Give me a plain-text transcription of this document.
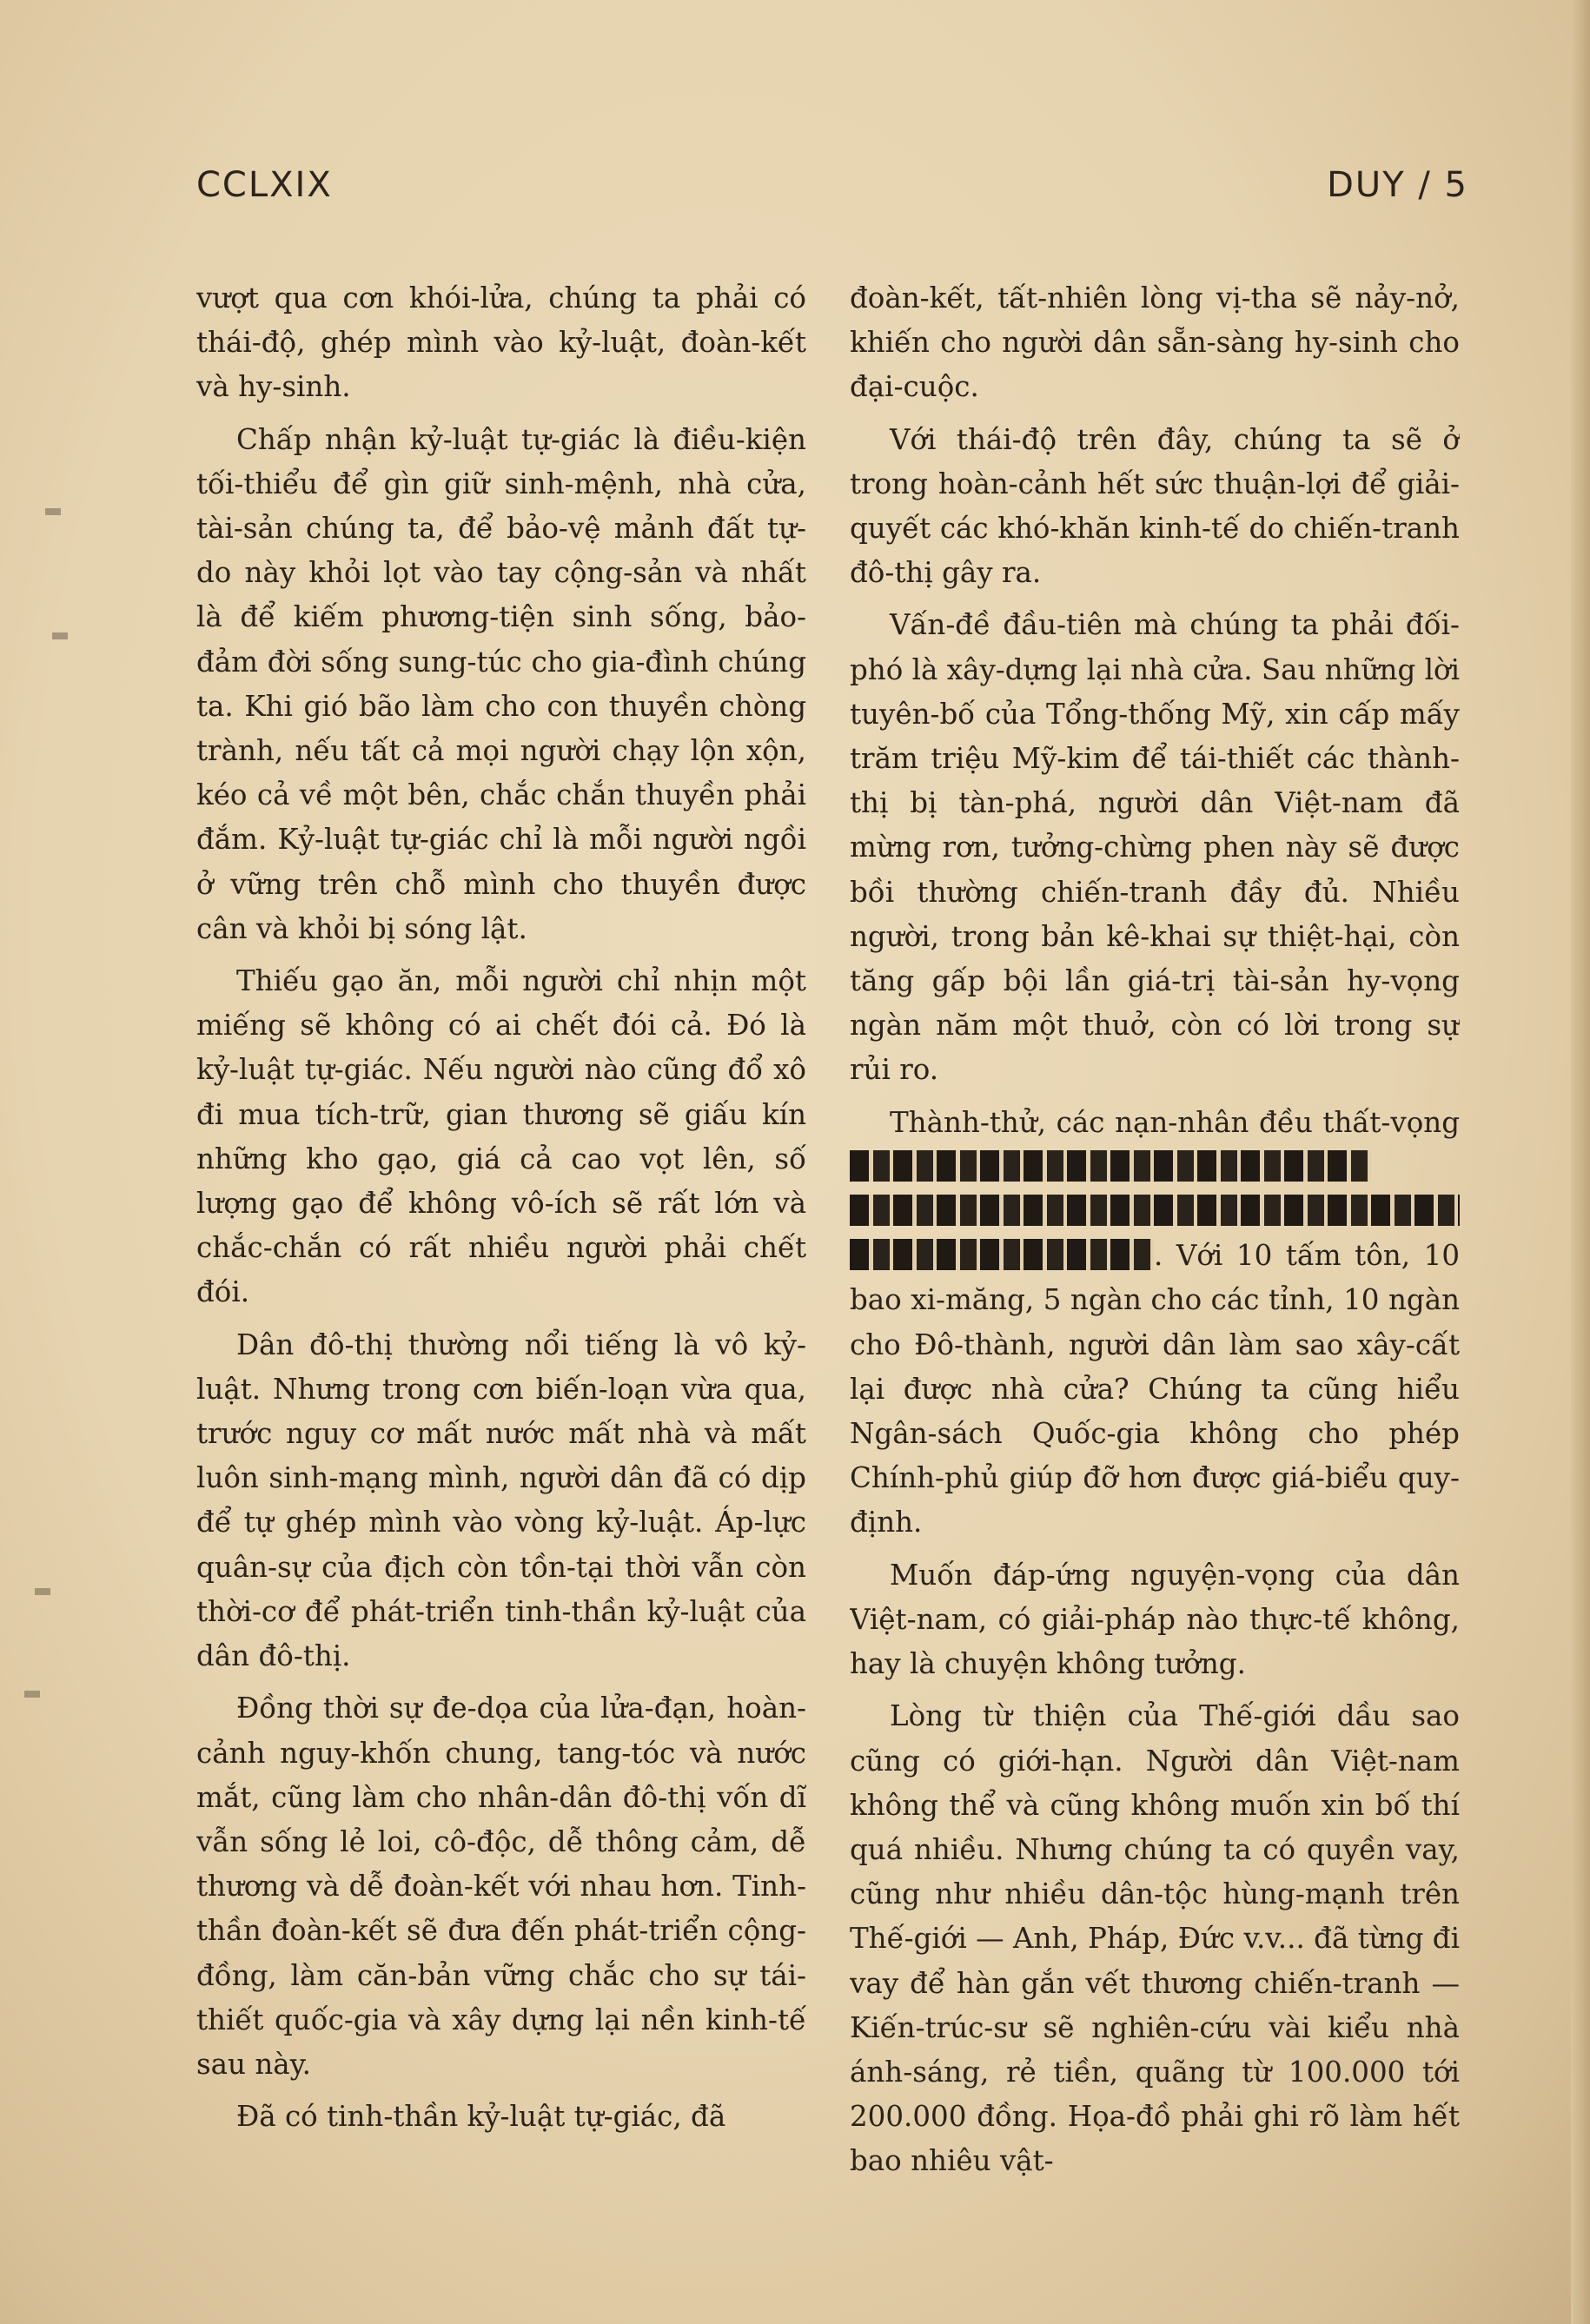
CCLXIX	DUY / 5

vượt qua cơn khói-lửa, chúng ta phải có thái-độ, ghép mình vào kỷ-luật, đoàn-kết và hy-sinh.

Chấp nhận kỷ-luật tự-giác là điều-kiện tối-thiểu để gìn giữ sinh-mệnh, nhà cửa, tài-sản chúng ta, để bảo-vệ mảnh đất tự-do này khỏi lọt vào tay cộng-sản và nhất là để kiếm phương-tiện sinh sống, bảo-đảm đời sống sung-túc cho gia-đình chúng ta. Khi gió bão làm cho con thuyền chòng trành, nếu tất cả mọi người chạy lộn xộn, kéo cả về một bên, chắc chắn thuyền phải đắm. Kỷ-luật tự-giác chỉ là mỗi người ngồi ở vững trên chỗ mình cho thuyền được cân và khỏi bị sóng lật.

Thiếu gạo ăn, mỗi người chỉ nhịn một miếng sẽ không có ai chết đói cả. Đó là kỷ-luật tự-giác. Nếu người nào cũng đổ xô đi mua tích-trữ, gian thương sẽ giấu kín những kho gạo, giá cả cao vọt lên, số lượng gạo để không vô-ích sẽ rất lớn và chắc-chắn có rất nhiều người phải chết đói.

Dân đô-thị thường nổi tiếng là vô kỷ-luật. Nhưng trong cơn biến-loạn vừa qua, trước nguy cơ mất nước mất nhà và mất luôn sinh-mạng mình, người dân đã có dịp để tự ghép mình vào vòng kỷ-luật. Áp-lực quân-sự của địch còn tồn-tại thời vẫn còn thời-cơ để phát-triển tinh-thần kỷ-luật của dân đô-thị.

Đồng thời sự đe-dọa của lửa-đạn, hoàn-cảnh nguy-khốn chung, tang-tóc và nước mắt, cũng làm cho nhân-dân đô-thị vốn dĩ vẫn sống lẻ loi, cô-độc, dễ thông cảm, dễ thương và dễ đoàn-kết với nhau hơn. Tinh-thần đoàn-kết sẽ đưa đến phát-triển cộng-đồng, làm căn-bản vững chắc cho sự tái-thiết quốc-gia và xây dựng lại nền kinh-tế sau này.

Đã có tinh-thần kỷ-luật tự-giác, đã

đoàn-kết, tất-nhiên lòng vị-tha sẽ nảy-nở, khiến cho người dân sẵn-sàng hy-sinh cho đại-cuộc.

Với thái-độ trên đây, chúng ta sẽ ở trong hoàn-cảnh hết sức thuận-lợi để giải-quyết các khó-khăn kinh-tế do chiến-tranh đô-thị gây ra.

Vấn-đề đầu-tiên mà chúng ta phải đối-phó là xây-dựng lại nhà cửa. Sau những lời tuyên-bố của Tổng-thống Mỹ, xin cấp mấy trăm triệu Mỹ-kim để tái-thiết các thành-thị bị tàn-phá, người dân Việt-nam đã mừng rơn, tưởng-chừng phen này sẽ được bồi thường chiến-tranh đầy đủ. Nhiều người, trong bản kê-khai sự thiệt-hại, còn tăng gấp bội lần giá-trị tài-sản hy-vọng ngàn năm một thuở, còn có lời trong sự rủi ro.

Thành-thử, các nạn-nhân đều thất-vọng   . Với 10 tấm tôn, 10 bao xi-măng, 5 ngàn cho các tỉnh, 10 ngàn cho Đô-thành, người dân làm sao xây-cất lại được nhà cửa? Chúng ta cũng hiểu Ngân-sách Quốc-gia không cho phép Chính-phủ giúp đỡ hơn được giá-biểu quy-định.

Muốn đáp-ứng nguyện-vọng của dân Việt-nam, có giải-pháp nào thực-tế không, hay là chuyện không tưởng.

Lòng từ thiện của Thế-giới dầu sao cũng có giới-hạn. Người dân Việt-nam không thể và cũng không muốn xin bố thí quá nhiều. Nhưng chúng ta có quyền vay, cũng như nhiều dân-tộc hùng-mạnh trên Thế-giới — Anh, Pháp, Đức v.v... đã từng đi vay để hàn gắn vết thương chiến-tranh — Kiến-trúc-sư sẽ nghiên-cứu vài kiểu nhà ánh-sáng, rẻ tiền, quãng từ 100.000 tới 200.000 đồng. Họa-đồ phải ghi rõ làm hết bao nhiêu vật-
